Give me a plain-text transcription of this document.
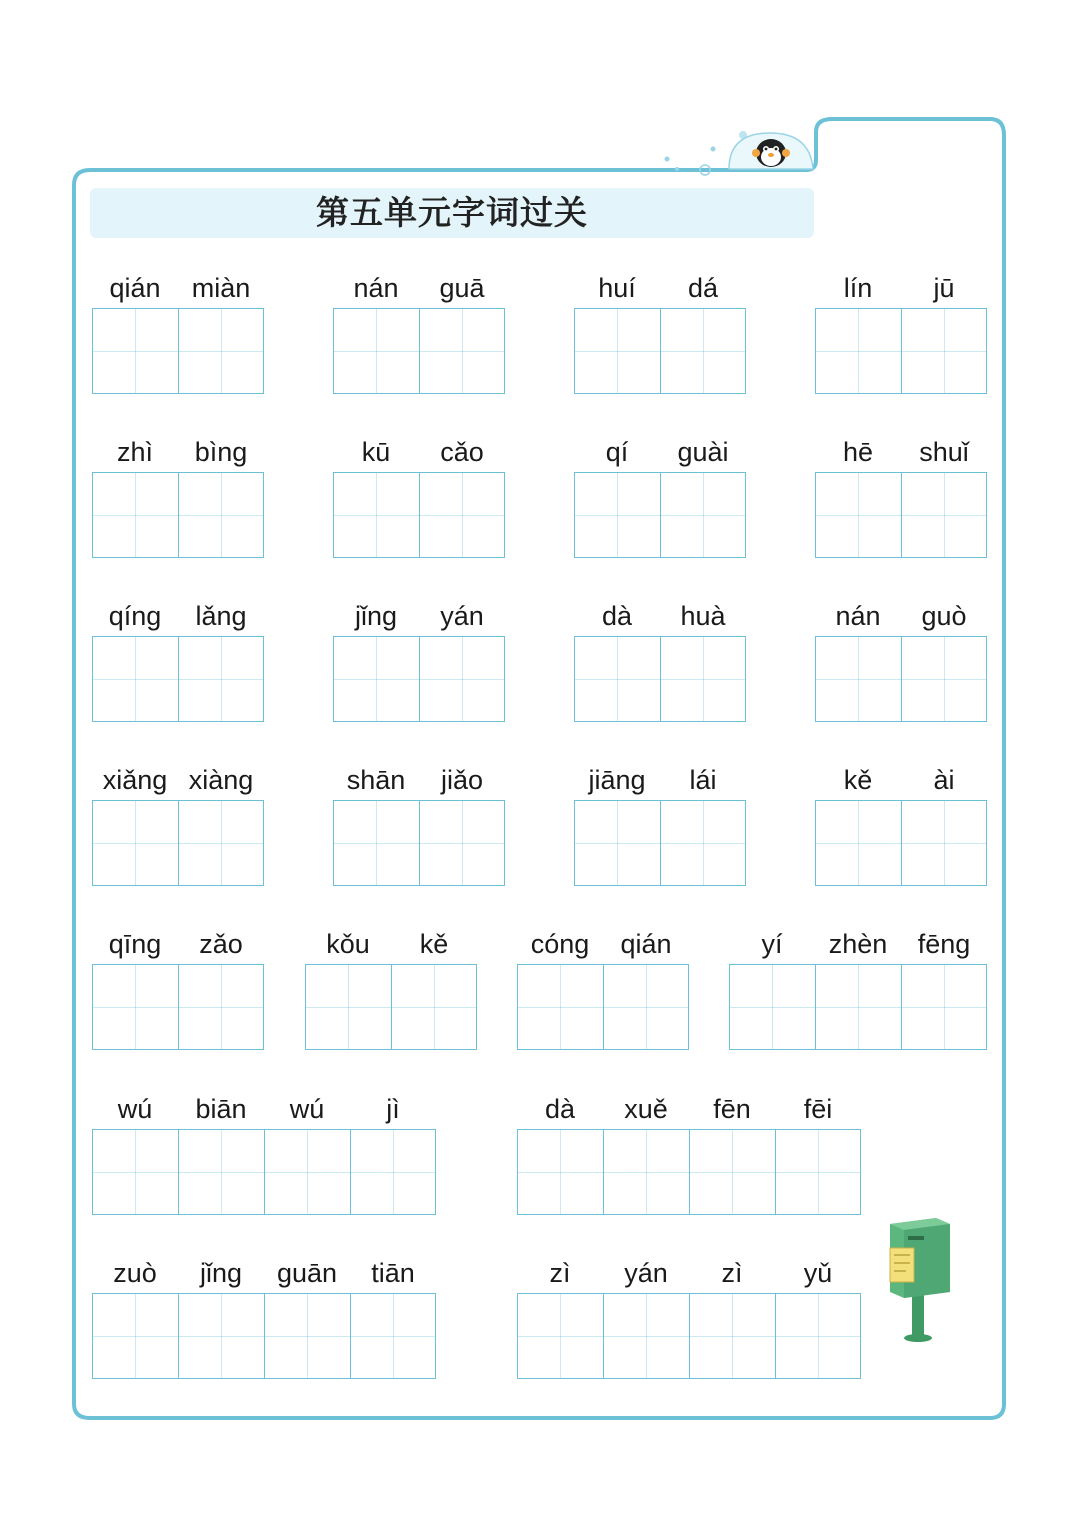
第五单元字词过关
qián	miàn	nán	guā	huí	dá	lín	jū
zhì	bìng	kū	cǎo	qí	guài	hē	shuǐ
qíng	lǎng	jǐng	yán	dà	huà	nán	guò
xiǎng xiàng	shān	jiǎo	jiāng	lái	kě	ài
qīng	zǎo	kǒu	kě	cóng	qián	yí	zhèn	fēng
wú	biān	wú	jì	dà	xuě	fēn	fēi
zuò	jǐng	guān	tiān	zì	yán	zì	yǔ
